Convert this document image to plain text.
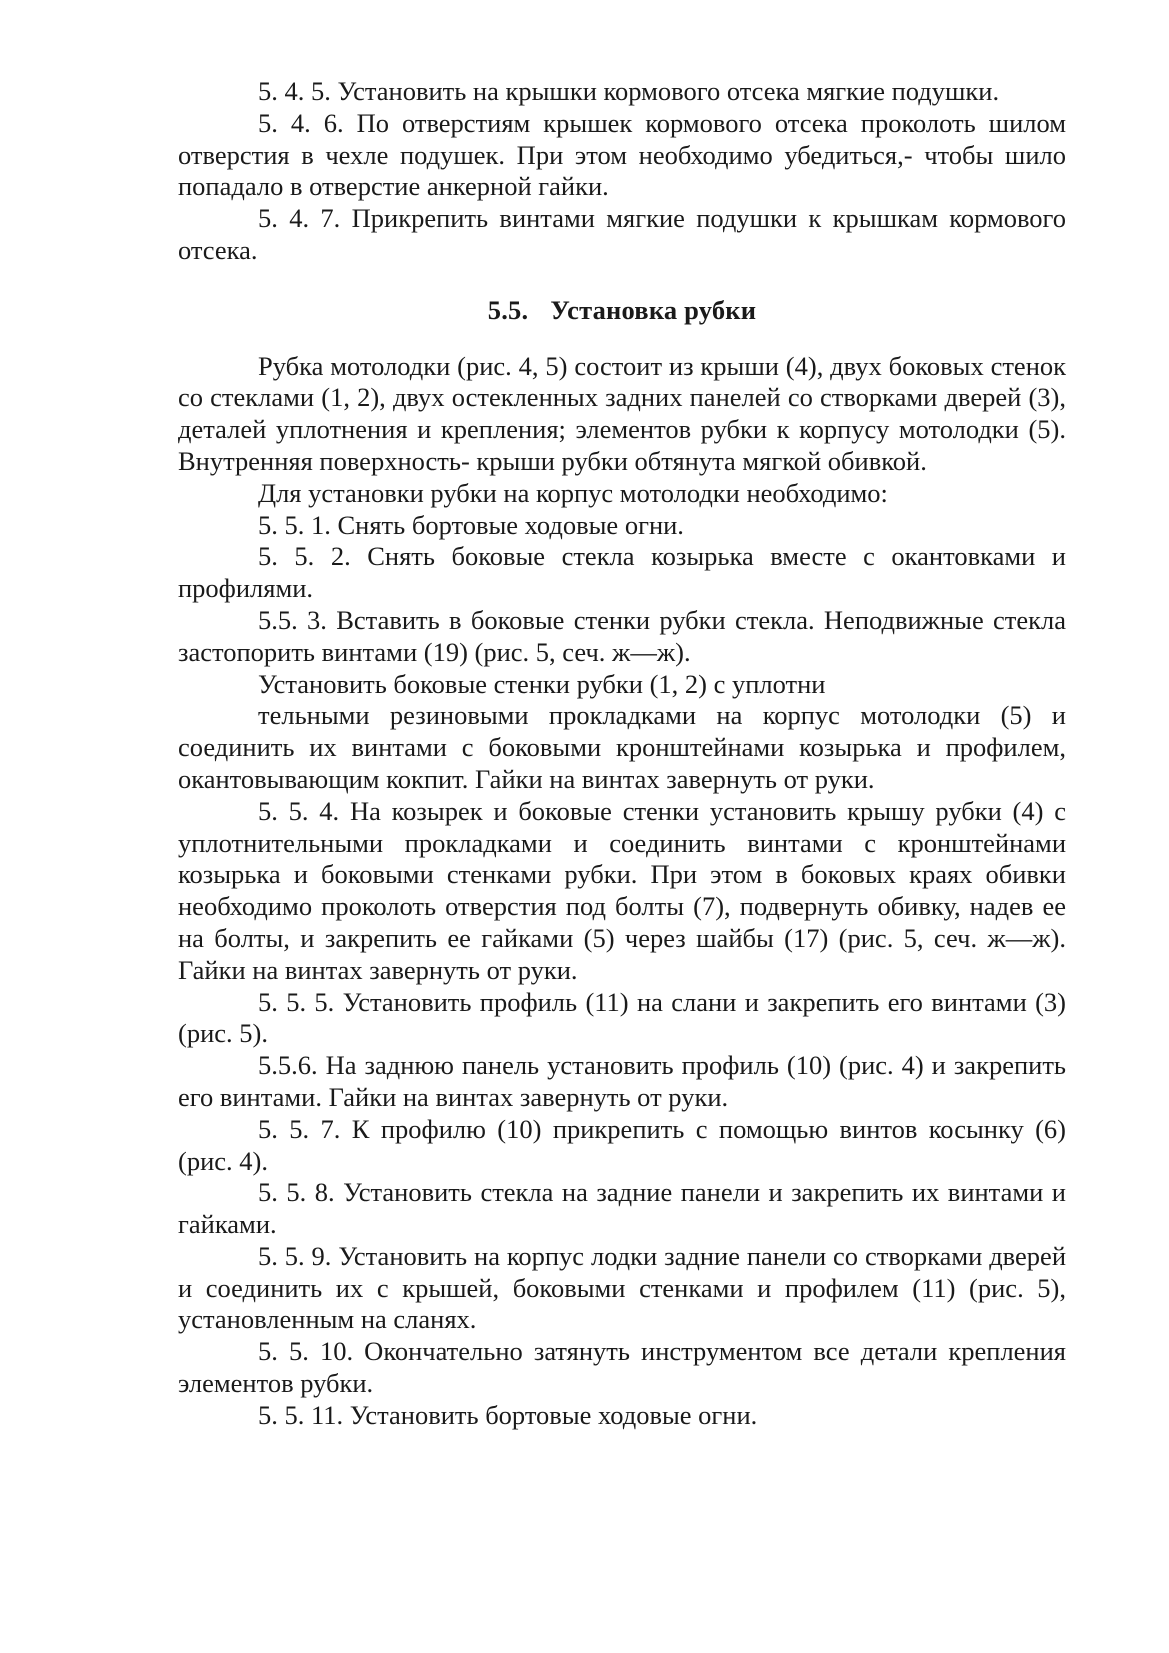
5. 4. 5. Установить на крышки кормового отсека мягкие подушки.

5. 4. 6. По отверстиям крышек кормового отсека проколоть шилом отверстия в чехле подушек. При этом необходимо убедиться,- чтобы шило попадало в отверстие анкерной гайки.

5. 4. 7. Прикрепить винтами мягкие подушки к крышкам кормового отсека.

5.5. Установка рубки

Рубка мотолодки (рис. 4, 5) состоит из крыши (4), двух боковых стенок со стеклами (1, 2), двух остекленных задних панелей со створками дверей (3), деталей уплотнения и крепления; элементов рубки к корпусу мотолодки (5). Внутренняя поверхность- крыши рубки обтянута мягкой обивкой.

Для установки рубки на корпус мотолодки необходимо:

5. 5. 1. Снять бортовые ходовые огни.

5. 5. 2. Снять боковые стекла козырька вместе с окантовками и профилями.

5.5. 3. Вставить в боковые стенки рубки стекла. Неподвижные стекла застопорить винтами (19) (рис. 5, сеч. ж—ж).

Установить боковые стенки рубки (1, 2) с уплотни

тельными резиновыми прокладками на корпус мотолодки (5) и соединить их винтами с боковыми кронштейнами козырька и профилем, окантовывающим кокпит. Гайки на винтах завернуть от руки.

5. 5. 4. На козырек и боковые стенки установить крышу рубки (4) с уплотнительными прокладками и соединить винтами с кронштейнами козырька и боковыми стенками рубки. При этом в боковых краях обивки необходимо проколоть отверстия под болты (7), подвернуть обивку, надев ее на болты, и закрепить ее гайками (5) через шайбы (17) (рис. 5, сеч. ж—ж). Гайки на винтах завернуть от руки.

5. 5. 5. Установить профиль (11) на слани и закрепить его винтами (3) (рис. 5).

5.5.6. На заднюю панель установить профиль (10) (рис. 4) и закрепить его винтами. Гайки на винтах завернуть от руки.

5. 5. 7. К профилю (10) прикрепить с помощью винтов косынку (6) (рис. 4).

5. 5. 8. Установить стекла на задние панели и закрепить их винтами и гайками.

5. 5. 9. Установить на корпус лодки задние панели со створками дверей и соединить их с крышей, боковыми стенками и профилем (11) (рис. 5), установленным на сланях.

5. 5. 10. Окончательно затянуть инструментом все детали крепления элементов рубки.

5. 5. 11. Установить бортовые ходовые огни.
